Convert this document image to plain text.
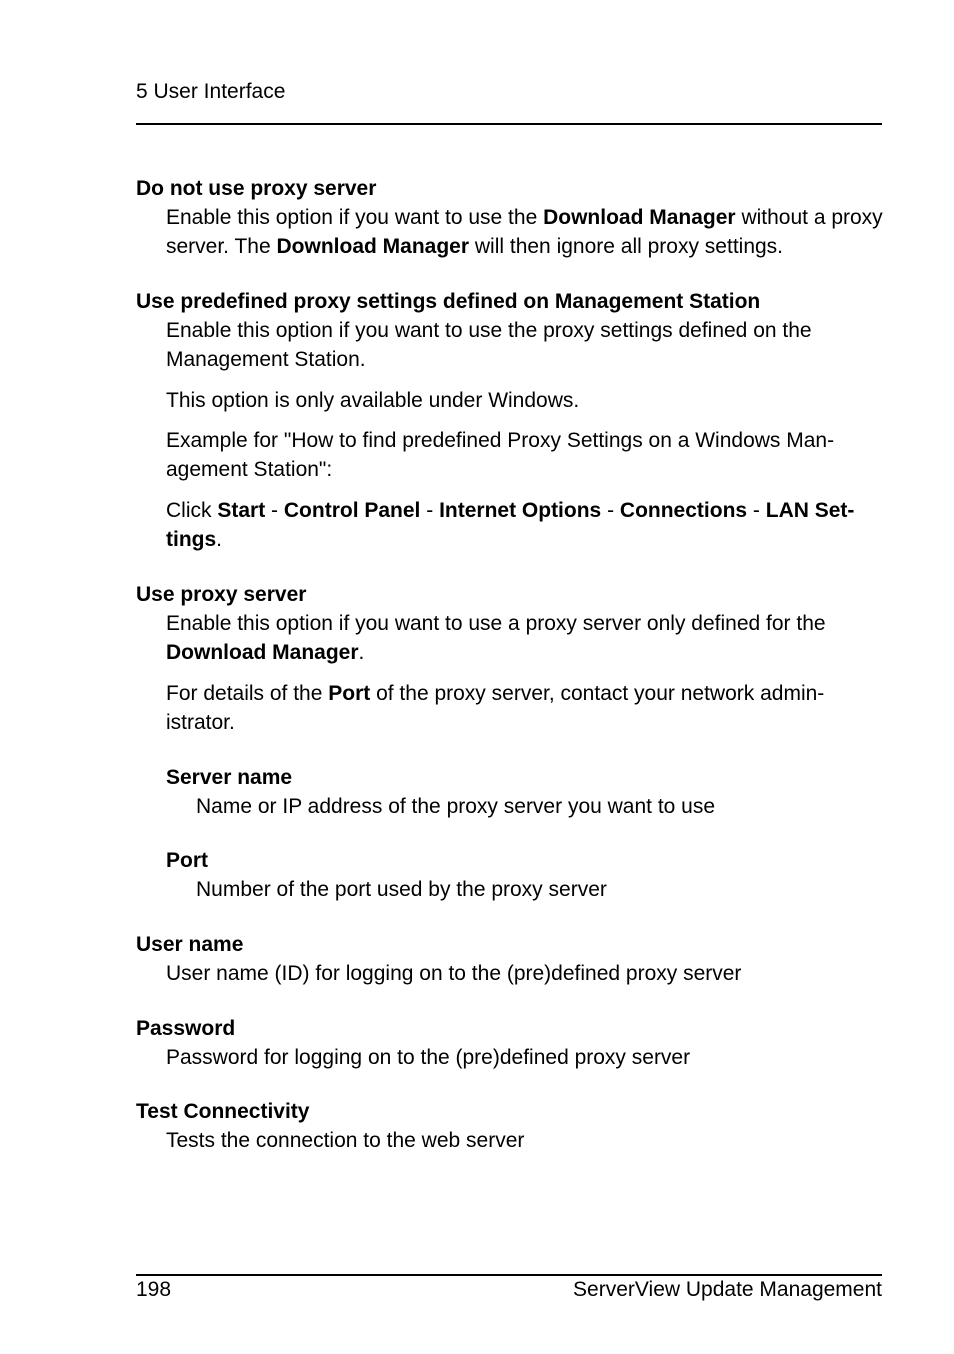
5 User Interface
Do not use proxy server
Enable this option if you want to use the Download Manager without a proxy server. The Download Manager will then ignore all proxy settings.
Use predefined proxy settings defined on Management Station
Enable this option if you want to use the proxy settings defined on the Management Station.
This option is only available under Windows.
Example for "How to find predefined Proxy Settings on a Windows Man-agement Station":
Click Start - Control Panel - Internet Options - Connections - LAN Set-tings.
Use proxy server
Enable this option if you want to use a proxy server only defined for the Download Manager.
For details of the Port of the proxy server, contact your network admin-istrator.
Server name
Name or IP address of the proxy server you want to use
Port
Number of the port used by the proxy server
User name
User name (ID) for logging on to the (pre)defined proxy server
Password
Password for logging on to the (pre)defined proxy server
Test Connectivity
Tests the connection to the web server
198	ServerView Update Management
